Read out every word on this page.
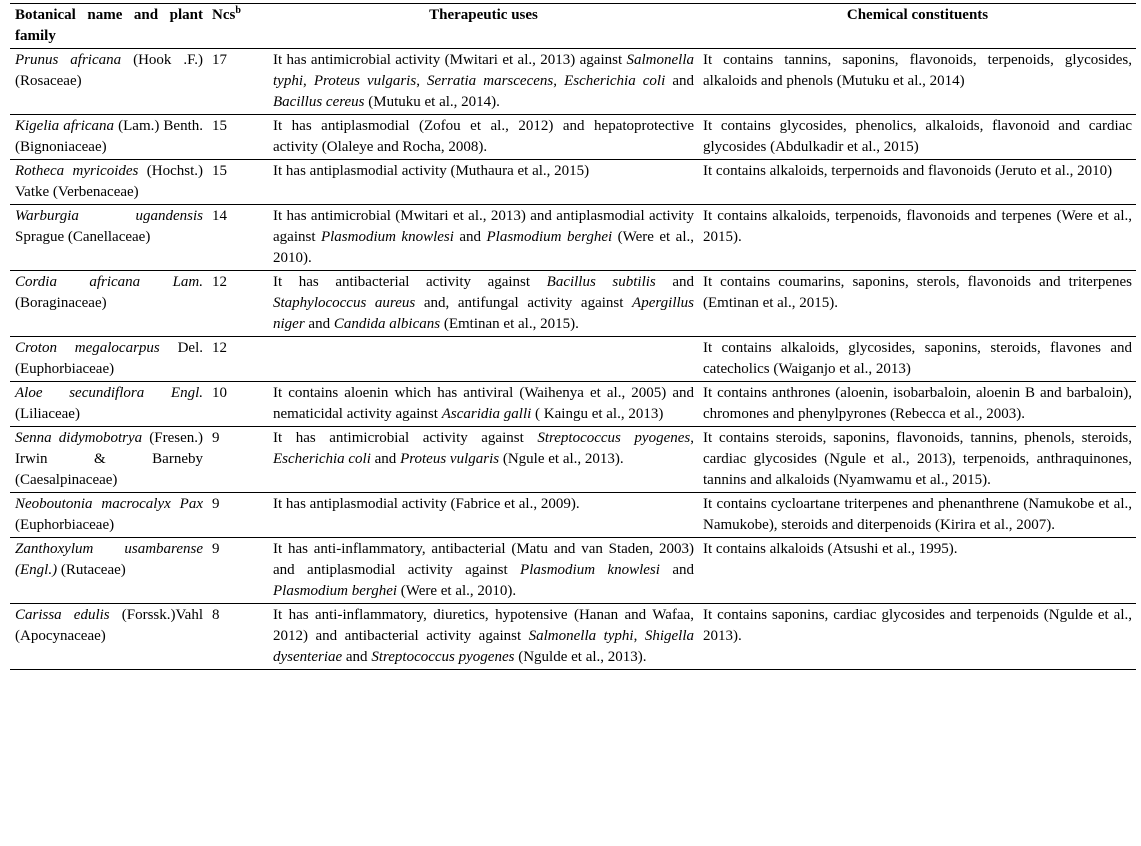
Botanical name and plant family	Ncs$^b$	Therapeutic uses	Chemical constituents
Prunus africana (Hook .F.) (Rosaceae)	17	It has antimicrobial activity (Mwitari et al., 2013) against Salmonella typhi, Proteus vulgaris, Serratia marscecens, Escherichia coli and Bacillus cereus (Mutuku et al., 2014).	It contains tannins, saponins, flavonoids, terpenoids, glycosides, alkaloids and phenols (Mutuku et al., 2014)
Kigelia africana (Lam.) Benth. (Bignoniaceae)	15	It has antiplasmodial (Zofou et al., 2012) and hepatoprotective activity (Olaleye and Rocha, 2008).	It contains glycosides, phenolics, alkaloids, flavonoid and cardiac glycosides (Abdulkadir et al., 2015)
Rotheca myricoides (Hochst.) Vatke (Verbenaceae)	15	It has antiplasmodial activity (Muthaura et al., 2015)	It contains alkaloids, terpernoids and flavonoids (Jeruto et al., 2010)
Warburgia ugandensis Sprague (Canellaceae)	14	It has antimicrobial (Mwitari et al., 2013) and antiplasmodial activity against Plasmodium knowlesi and Plasmodium berghei (Were et al., 2010).	It contains alkaloids, terpenoids, flavonoids and terpenes (Were et al., 2015).
Cordia africana Lam. (Boraginaceae)	12	It has antibacterial activity against Bacillus subtilis and Staphylococcus aureus and, antifungal activity against Apergillus niger and Candida albicans (Emtinan et al., 2015).	It contains coumarins, saponins, sterols, flavonoids and triterpenes (Emtinan et al., 2015).
Croton megalocarpus Del. (Euphorbiaceae)	12		It contains alkaloids, glycosides, saponins, steroids, flavones and catecholics (Waiganjo et al., 2013)
Aloe secundiflora Engl. (Liliaceae)	10	It contains aloenin which has antiviral (Waihenya et al., 2005) and nematicidal activity against Ascaridia galli ( Kaingu et al., 2013)	It contains anthrones (aloenin, isobarbaloin, aloenin B and barbaloin), chromones and phenylpyrones (Rebecca et al., 2003).
Senna didymobotrya (Fresen.) Irwin & Barneby (Caesalpinaceae)	9	It has antimicrobial activity against Streptococcus pyogenes, Escherichia coli and Proteus vulgaris (Ngule et al., 2013).	It contains steroids, saponins, flavonoids, tannins, phenols, steroids, cardiac glycosides (Ngule et al., 2013), terpenoids, anthraquinones, tannins and alkaloids (Nyamwamu et al., 2015).
Neoboutonia macrocalyx Pax (Euphorbiaceae)	9	It has antiplasmodial activity (Fabrice et al., 2009).	It contains cycloartane triterpenes and phenanthrene (Namukobe et al., Namukobe), steroids and diterpenoids (Kirira et al., 2007).
Zanthoxylum usambarense (Engl.) (Rutaceae)	9	It has anti-inflammatory, antibacterial (Matu and van Staden, 2003) and antiplasmodial activity against Plasmodium knowlesi and Plasmodium berghei (Were et al., 2010).	It contains alkaloids (Atsushi et al., 1995).
Carissa edulis (Forssk.)Vahl (Apocynaceae)	8	It has anti-inflammatory, diuretics, hypotensive (Hanan and Wafaa, 2012) and antibacterial activity against Salmonella typhi, Shigella dysenteriae and Streptococcus pyogenes (Ngulde et al., 2013).	It contains saponins, cardiac glycosides and terpenoids (Ngulde et al., 2013).
